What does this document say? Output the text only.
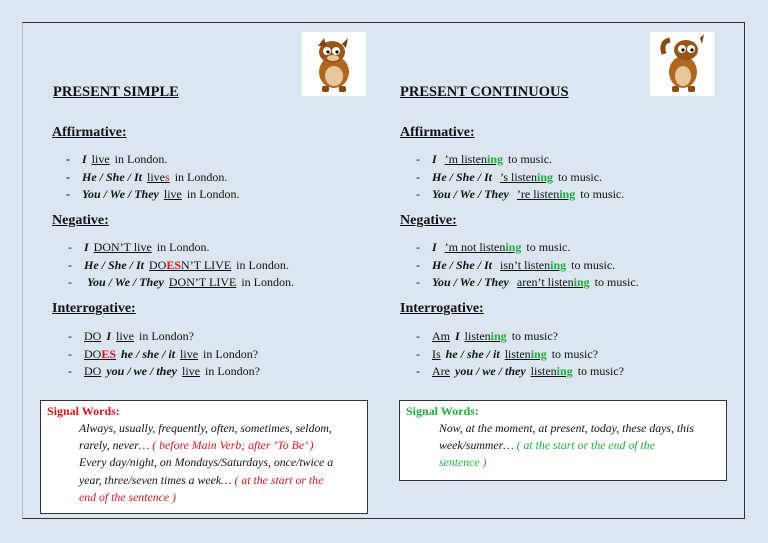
PRESENT SIMPLE
Affirmative:
-	I live in London.
-	He / She / It lives in London.
-	You / We / They live in London.
Negative:
-	I DON’T live in London.
-	He / She / It DOESN’T LIVE in London.
-	You / We / They DON’T LIVE in London.
Interrogative:
-	DO I live in London?
-	DOES he / she / it live in London?
-	DO you / we / they live in London?
Signal Words:
Always, usually, frequently, often, sometimes, seldom,
rarely, never… ( before Main Verb; after ‘To Be’ )
Every day/night, on Mondays/Saturdays, once/twice a
year, three/seven times a week… ( at the start or the
end of the sentence )
PRESENT CONTINUOUS
Affirmative:
-	I ’m listening to music.
-	He / She / It ’s listening to music.
-	You / We / They ’re listening to music.
Negative:
-	I ’m not listening to music.
-	He / She / It isn’t listening to music.
-	You / We / They aren’t listening to music.
Interrogative:
-	Am I listening to music?
-	Is he / she / it listening to music?
-	Are you / we / they listening to music?
Signal Words:
Now, at the moment, at present, today, these days, this
week/summer… ( at the start or the end of the
sentence )
